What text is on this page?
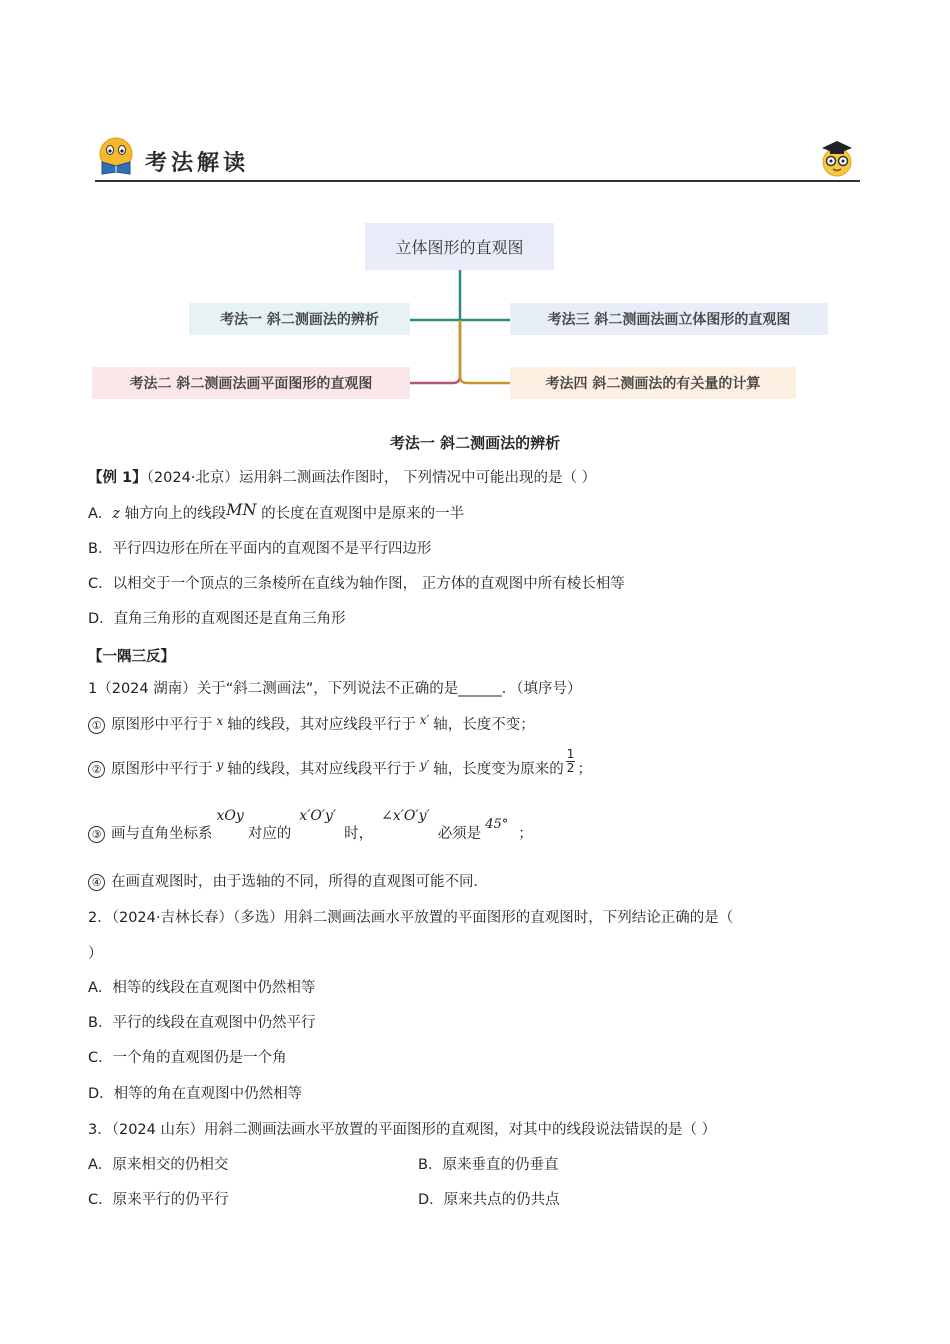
考法解读
立体图形的直观图
考法一 斜二测画法的辨析	考法三 斜二测画法画立体图形的直观图
考法二 斜二测画法画平面图形的直观图	考法四 斜二测画法的有关量的计算
考法一 斜二测画法的辨析
【例 1】（2024·北京）运用斜二测画法作图时， 下列情况中可能出现的是（ ）
A．z 轴方向上的线段MN 的长度在直观图中是原来的一半
B．平行四边形在所在平面内的直观图不是平行四边形
C．以相交于一个顶点的三条棱所在直线为轴作图， 正方体的直观图中所有棱长相等
D．直角三角形的直观图还是直角三角形
【一隅三反】
1（2024 湖南）关于“斜二测画法”，下列说法不正确的是______．（填序号）
① 原图形中平行于 $^x$ 轴的线段，其对应线段平行于 $^{x'}$ 轴，长度不变；
② 原图形中平行于 $^y$ 轴的线段，其对应线段平行于 $^{y'}$ 轴，长度变为原来的 $\frac{1}{2}$ ；
③ 画与直角坐标系xOy对应的x′O′y′时，∠x′O′y′必须是45°；
④ 在画直观图时，由于选轴的不同，所得的直观图可能不同．
2．（2024·吉林长春）（多选）用斜二测画法画水平放置的平面图形的直观图时，下列结论正确的是（
）
A．相等的线段在直观图中仍然相等
B．平行的线段在直观图中仍然平行
C．一个角的直观图仍是一个角
D．相等的角在直观图中仍然相等
3．（2024 山东）用斜二测画法画水平放置的平面图形的直观图，对其中的线段说法错误的是（ ）
A．原来相交的仍相交	B．原来垂直的仍垂直
C．原来平行的仍平行	D．原来共点的仍共点
